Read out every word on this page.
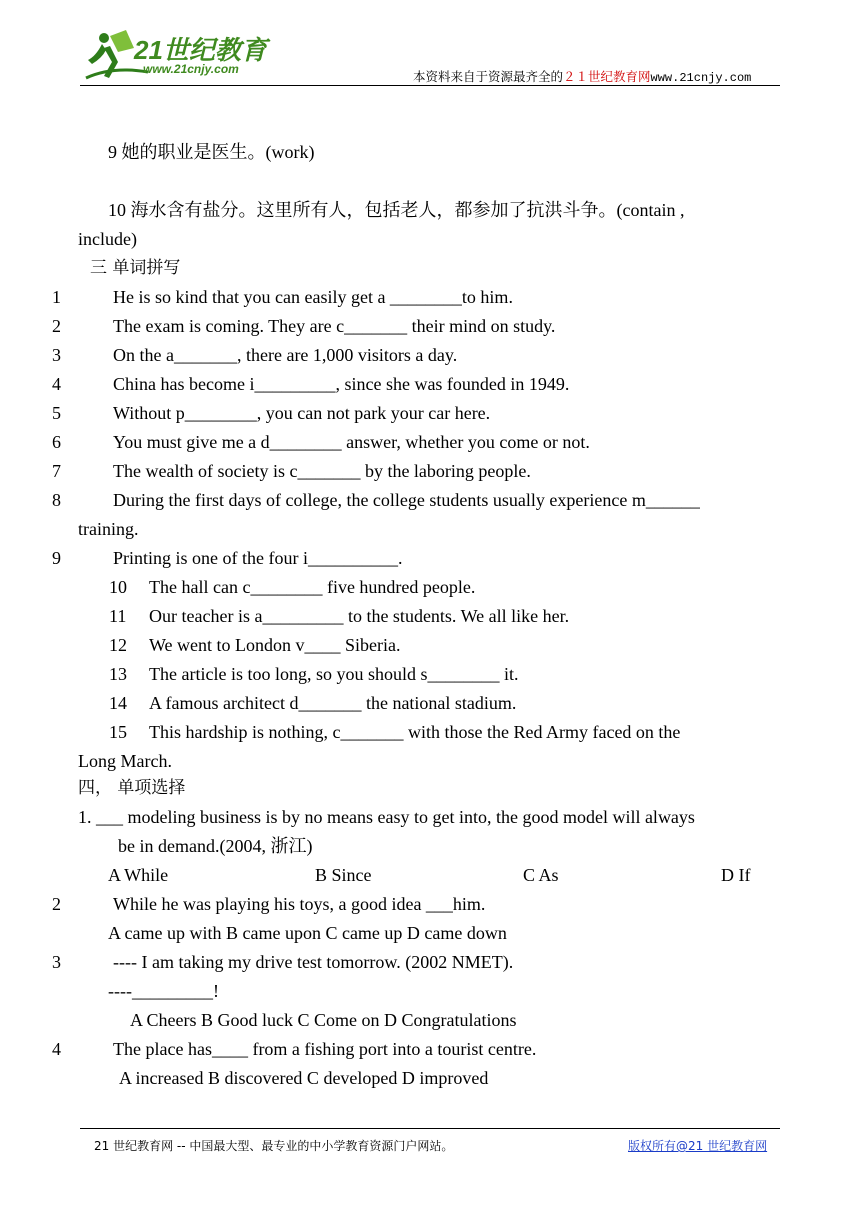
21世纪教育
www.21cnjy.com	本资料来自于资源最齐全的２１世纪教育网www.21cnjy.com
9 她的职业是医生。(work)
10 海水含有盐分。这里所有人，包括老人，都参加了抗洪斗争。(contain ,
include)
三 单词拼写
1	He is so kind that you can easily get a ________to him.
2	The exam is coming. They are c_______ their mind on study.
3	On the a_______, there are 1,000 visitors a day.
4	China has become i_________, since she was founded in 1949.
5	Without p________, you can not park your car here.
6	You must give me a d________ answer, whether you come or not.
7	The wealth of society is c_______ by the laboring people.
8	During the first days of college, the college students usually experience m______
training.
9	Printing is one of the four i__________.
10 The hall can c________ five hundred people.
11 Our teacher is a_________ to the students. We all like her.
12 We went to London v____ Siberia.
13 The article is too long, so you should s________ it.
14 A famous architect d_______ the national stadium.
15 This hardship is nothing, c_______ with those the Red Army faced on the
Long March.
四， 单项选择
1. ___ modeling business is by no means easy to get into, the good model will always
be in demand.(2004, 浙江)
A While	B Since	C As	D If
2	While he was playing his toys, a good idea ___him.
A came up with B came upon C came up D came down
3	---- I am taking my drive test tomorrow. (2002 NMET).
----_________!
A Cheers B Good luck C Come on D Congratulations
4	The place has____ from a fishing port into a tourist centre.
A increased B discovered C developed D improved
21 世纪教育网 -- 中国最大型、最专业的中小学教育资源门户网站。	版权所有@21 世纪教育网
